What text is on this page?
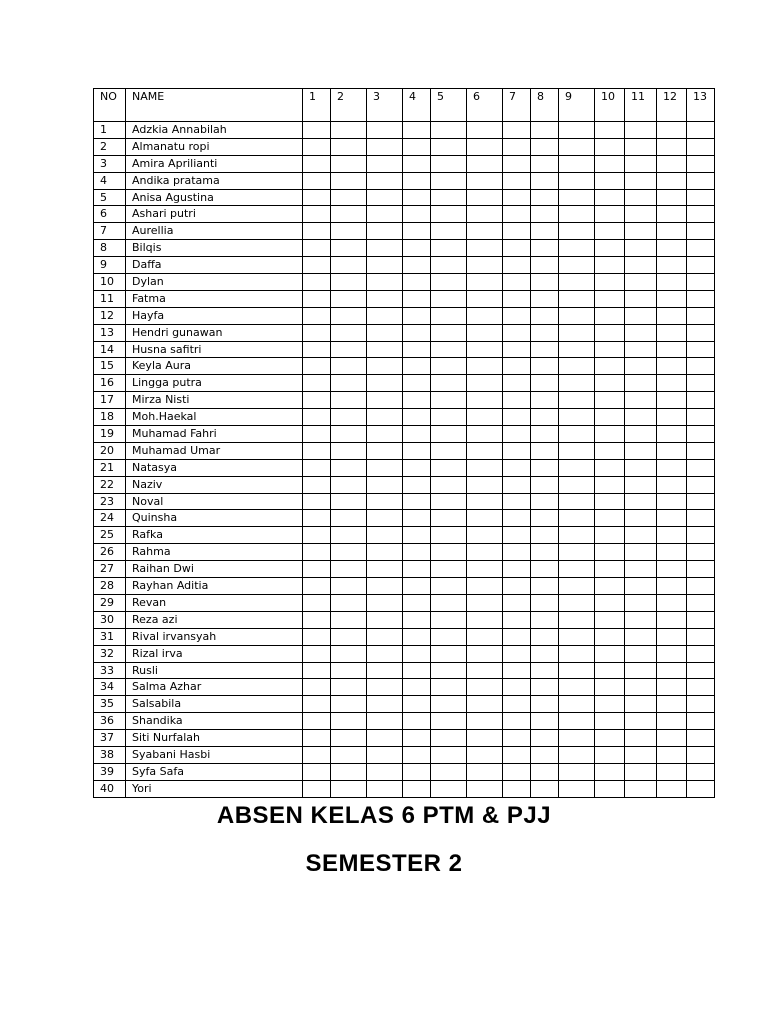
NO	NAME	1	2	3	4	5	6	7	8	9	10	11	12	13
1	Adzkia Annabilah													
2	Almanatu ropi													
3	Amira Aprilianti													
4	Andika pratama													
5	Anisa Agustina													
6	Ashari putri													
7	Aurellia													
8	Bilqis													
9	Daffa													
10	Dylan													
11	Fatma													
12	Hayfa													
13	Hendri gunawan													
14	Husna safitri													
15	Keyla Aura													
16	Lingga putra													
17	Mirza Nisti													
18	Moh.Haekal													
19	Muhamad Fahri													
20	Muhamad Umar													
21	Natasya													
22	Naziv													
23	Noval													
24	Quinsha													
25	Rafka													
26	Rahma													
27	Raihan Dwi													
28	Rayhan Aditia													
29	Revan													
30	Reza azi													
31	Rival irvansyah													
32	Rizal irva													
33	Rusli													
34	Salma Azhar													
35	Salsabila													
36	Shandika													
37	Siti Nurfalah													
38	Syabani Hasbi													
39	Syfa Safa													
40	Yori													
ABSEN KELAS 6 PTM & PJJ
SEMESTER 2
